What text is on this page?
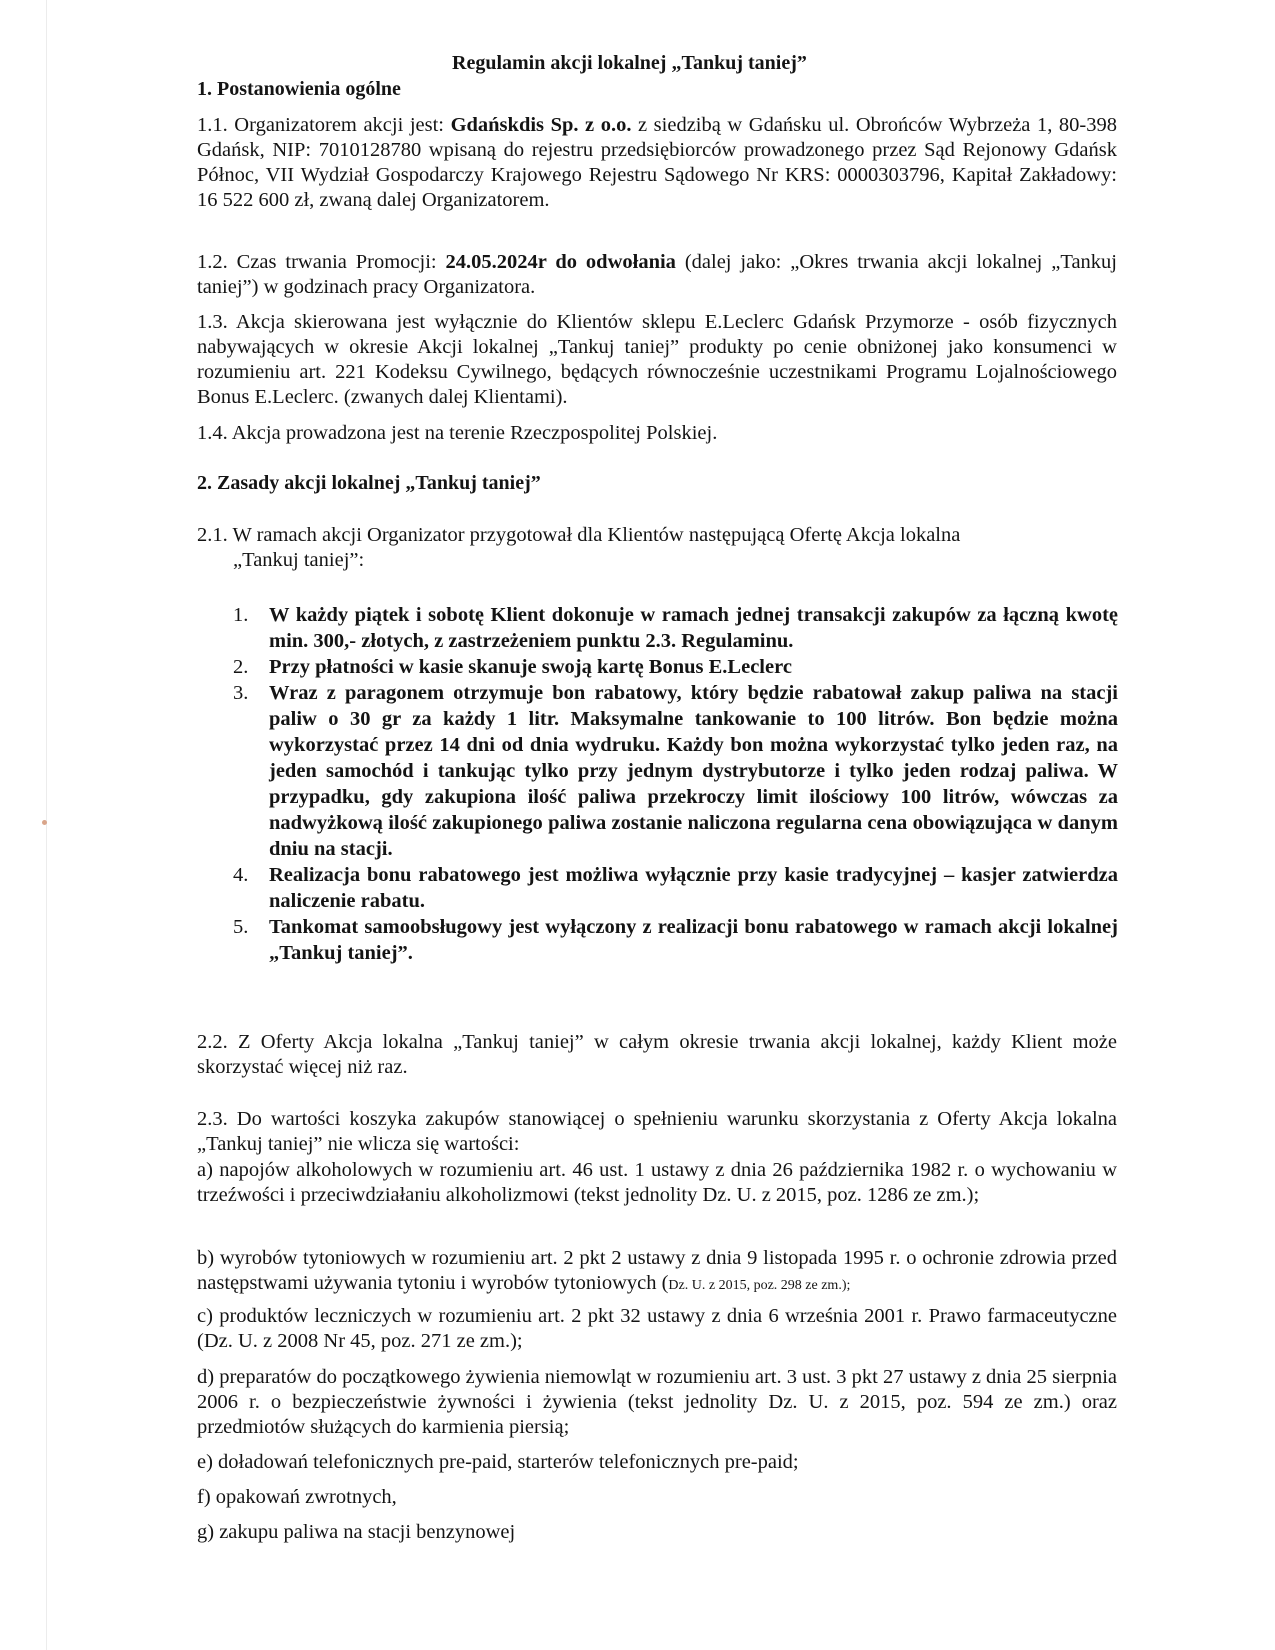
Regulamin akcji lokalnej „Tankuj taniej”
1. Postanowienia ogólne
1.1. Organizatorem akcji jest: Gdańskdis Sp. z o.o. z siedzibą w Gdańsku ul. Obrońców Wybrzeża 1, 80-398 Gdańsk, NIP: 7010128780 wpisaną do rejestru przedsiębiorców prowadzonego przez Sąd Rejonowy Gdańsk Północ, VII Wydział Gospodarczy Krajowego Rejestru Sądowego Nr KRS: 0000303796, Kapitał Zakładowy: 16 522 600 zł, zwaną dalej Organizatorem.
1.2. Czas trwania Promocji: 24.05.2024r do odwołania (dalej jako: „Okres trwania akcji lokalnej „Tankuj taniej”) w godzinach pracy Organizatora.
1.3. Akcja skierowana jest wyłącznie do Klientów sklepu E.Leclerc Gdańsk Przymorze - osób fizycznych nabywających w okresie Akcji lokalnej „Tankuj taniej” produkty po cenie obniżonej jako konsumenci w rozumieniu art. 221 Kodeksu Cywilnego, będących równocześnie uczestnikami Programu Lojalnościowego Bonus E.Leclerc. (zwanych dalej Klientami).
1.4. Akcja prowadzona jest na terenie Rzeczpospolitej Polskiej.
2. Zasady akcji lokalnej „Tankuj taniej”
2.1. W ramach akcji Organizator przygotował dla Klientów następującą Ofertę Akcja lokalna
„Tankuj taniej”:
1. W każdy piątek i sobotę Klient dokonuje w ramach jednej transakcji zakupów za łączną kwotę min. 300,- złotych, z zastrzeżeniem punktu 2.3. Regulaminu.
2. Przy płatności w kasie skanuje swoją kartę Bonus E.Leclerc
3. Wraz z paragonem otrzymuje bon rabatowy, który będzie rabatował zakup paliwa na stacji paliw o 30 gr za każdy 1 litr. Maksymalne tankowanie to 100 litrów. Bon będzie można wykorzystać przez 14 dni od dnia wydruku. Każdy bon można wykorzystać tylko jeden raz, na jeden samochód i tankując tylko przy jednym dystrybutorze i tylko jeden rodzaj paliwa. W przypadku, gdy zakupiona ilość paliwa przekroczy limit ilościowy 100 litrów, wówczas za nadwyżkową ilość zakupionego paliwa zostanie naliczona regularna cena obowiązująca w danym dniu na stacji.
4. Realizacja bonu rabatowego jest możliwa wyłącznie przy kasie tradycyjnej – kasjer zatwierdza naliczenie rabatu.
5. Tankomat samoobsługowy jest wyłączony z realizacji bonu rabatowego w ramach akcji lokalnej „Tankuj taniej”.
2.2. Z Oferty Akcja lokalna „Tankuj taniej” w całym okresie trwania akcji lokalnej, każdy Klient może skorzystać więcej niż raz.
2.3. Do wartości koszyka zakupów stanowiącej o spełnieniu warunku skorzystania z Oferty Akcja lokalna „Tankuj taniej” nie wlicza się wartości:
a) napojów alkoholowych w rozumieniu art. 46 ust. 1 ustawy z dnia 26 października 1982 r. o wychowaniu w trzeźwości i przeciwdziałaniu alkoholizmowi (tekst jednolity Dz. U. z 2015, poz. 1286 ze zm.);
b) wyrobów tytoniowych w rozumieniu art. 2 pkt 2 ustawy z dnia 9 listopada 1995 r. o ochronie zdrowia przed następstwami używania tytoniu i wyrobów tytoniowych (Dz. U. z 2015, poz. 298 ze zm.);
c) produktów leczniczych w rozumieniu art. 2 pkt 32 ustawy z dnia 6 września 2001 r. Prawo farmaceutyczne (Dz. U. z 2008 Nr 45, poz. 271 ze zm.);
d) preparatów do początkowego żywienia niemowląt w rozumieniu art. 3 ust. 3 pkt 27 ustawy z dnia 25 sierpnia 2006 r. o bezpieczeństwie żywności i żywienia (tekst jednolity Dz. U. z 2015, poz. 594 ze zm.) oraz przedmiotów służących do karmienia piersią;
e) doładowań telefonicznych pre-paid, starterów telefonicznych pre-paid;
f) opakowań zwrotnych,
g) zakupu paliwa na stacji benzynowej
